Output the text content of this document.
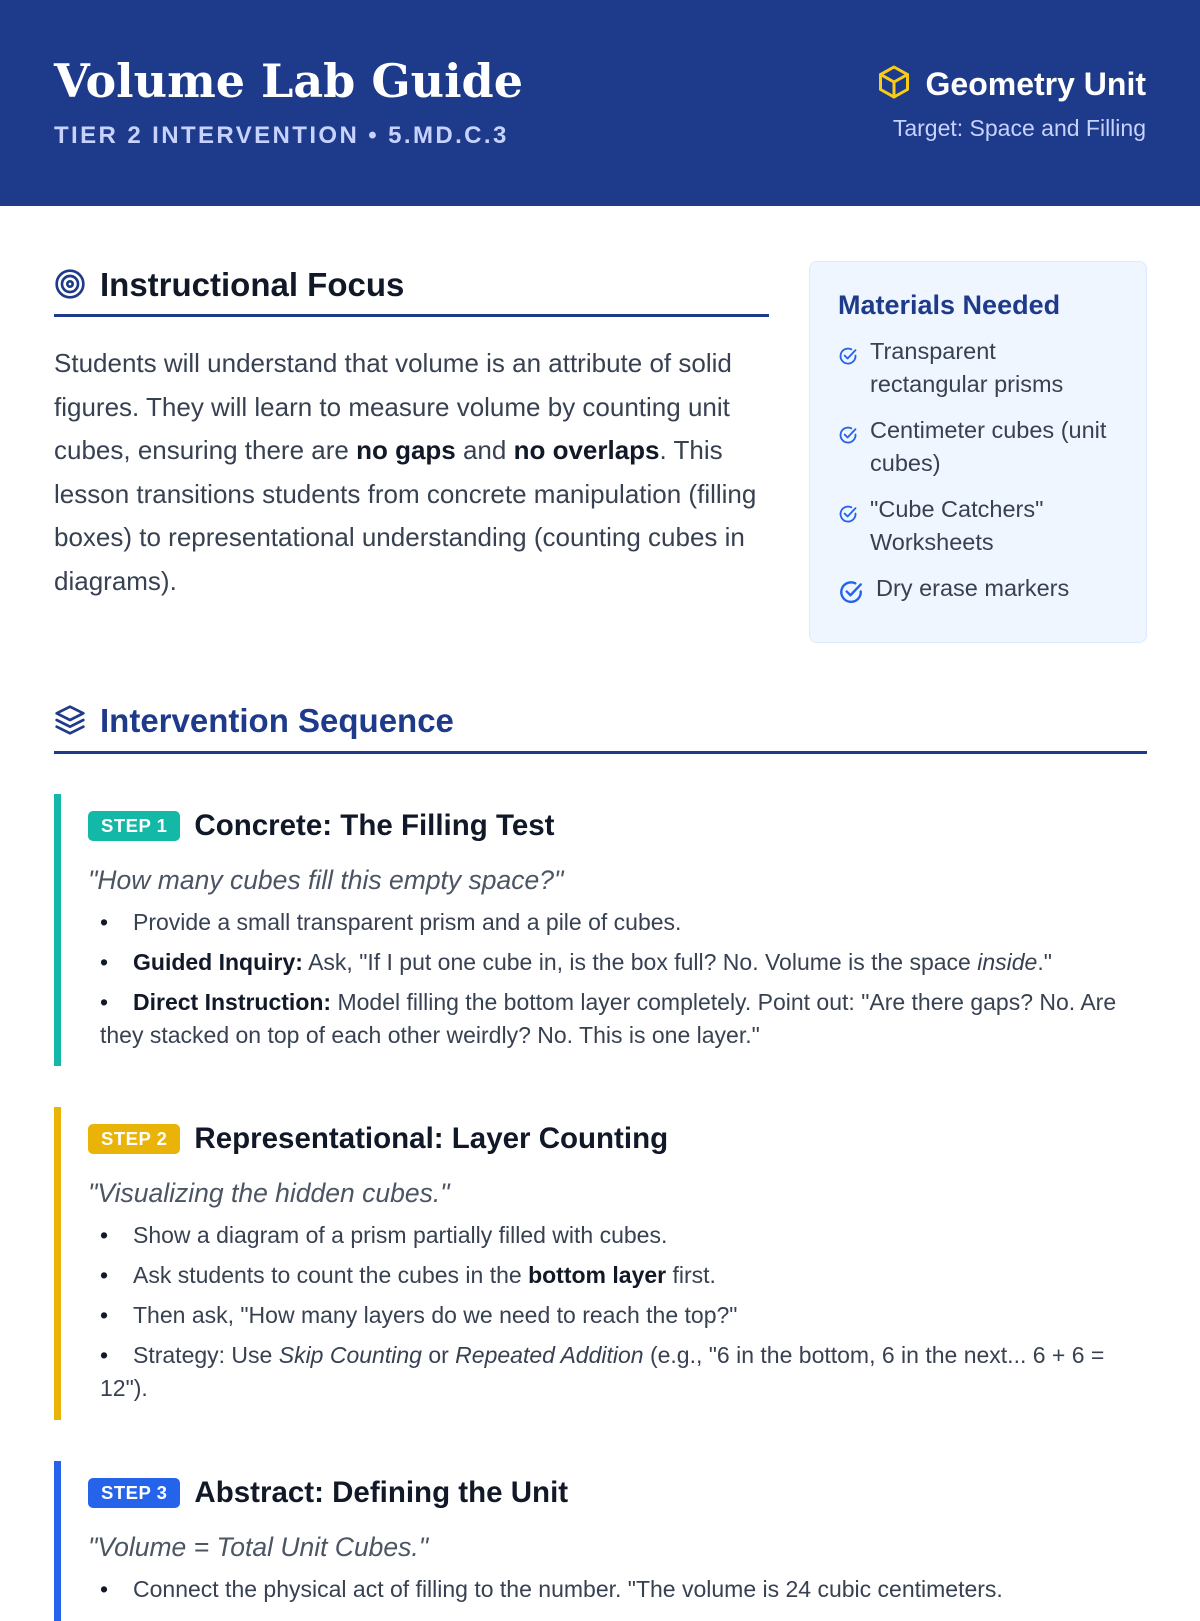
Volume Lab Guide
TIER 2 INTERVENTION • 5.MD.C.3
Geometry Unit
Target: Space and Filling
Instructional Focus

Students will understand that volume is an attribute of solid figures. They will learn to measure volume by counting unit cubes, ensuring there are no gaps and no overlaps. This lesson transitions students from concrete manipulation (filling boxes) to representational understanding (counting cubes in diagrams).

Materials Needed
Transparent rectangular prisms
Centimeter cubes (unit cubes)
"Cube Catchers" Worksheets
Dry erase markers
Intervention Sequence
STEP 1 Concrete: The Filling Test
"How many cubes fill this empty space?"
• Provide a small transparent prism and a pile of cubes.
• Guided Inquiry: Ask, "If I put one cube in, is the box full? No. Volume is the space inside."
• Direct Instruction: Model filling the bottom layer completely. Point out: "Are there gaps? No. Are they stacked on top of each other weirdly? No. This is one layer."
STEP 2 Representational: Layer Counting
"Visualizing the hidden cubes."
• Show a diagram of a prism partially filled with cubes.
• Ask students to count the cubes in the bottom layer first.
• Then ask, "How many layers do we need to reach the top?"
• Strategy: Use Skip Counting or Repeated Addition (e.g., "6 in the bottom, 6 in the next... 6 + 6 = 12").
STEP 3 Abstract: Defining the Unit
"Volume = Total Unit Cubes."
• Connect the physical act of filling to the number. "The volume is 24 cubic centimeters.
